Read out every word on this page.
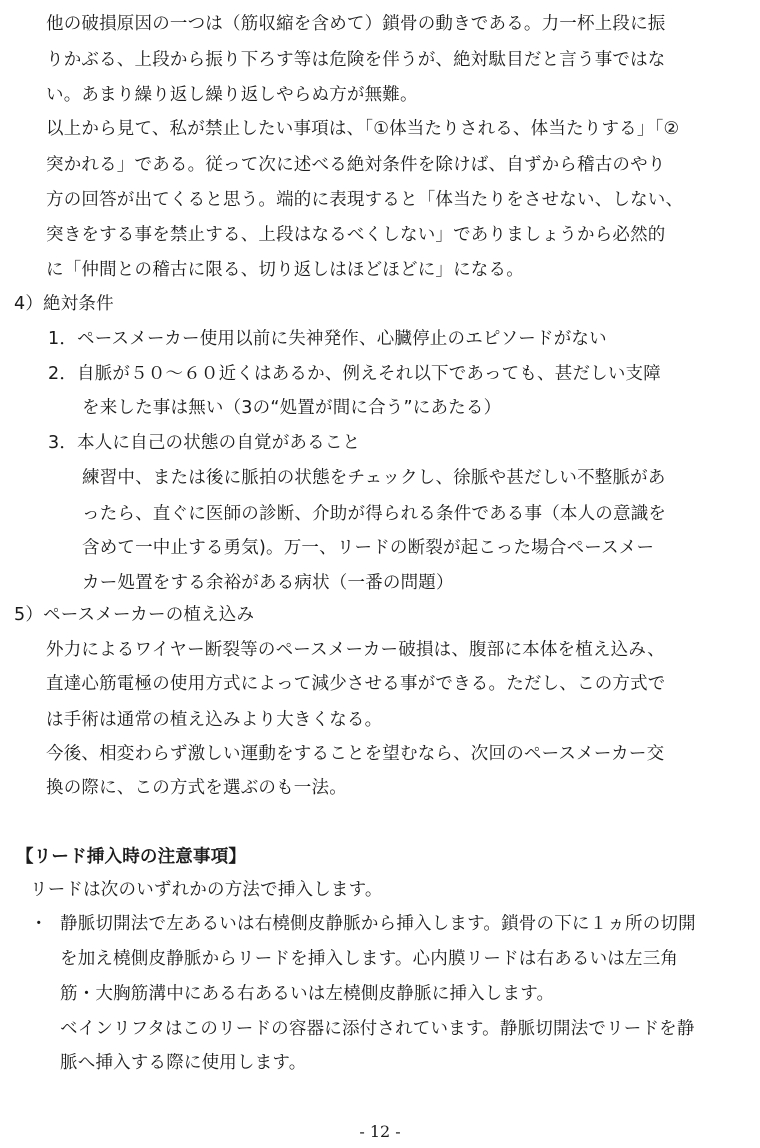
他の破損原因の一つは（筋収縮を含めて）鎖骨の動きである。力一杯上段に振
りかぶる、上段から振り下ろす等は危険を伴うが、絶対駄目だと言う事ではな
い。あまり繰り返し繰り返しやらぬ方が無難。
以上から見て、私が禁止したい事項は、「①体当たりされる、体当たりする」「②
突かれる」である。従って次に述べる絶対条件を除けば、自ずから稽古のやり
方の回答が出てくると思う。端的に表現すると「体当たりをさせない、しない、
突きをする事を禁止する、上段はなるべくしない」でありましょうから必然的
に「仲間との稽古に限る、切り返しはほどほどに」になる。
4）絶対条件
1．ペースメーカー使用以前に失神発作、心臓停止のエピソードがない
2．自脈が５０～６０近くはあるか、例えそれ以下であっても、甚だしい支障
を来した事は無い（3の“処置が間に合う”にあたる）
3．本人に自己の状態の自覚があること
練習中、または後に脈拍の状態をチェックし、徐脈や甚だしい不整脈があ
ったら、直ぐに医師の診断、介助が得られる条件である事（本人の意識を
含めて一中止する勇気)。万一、リードの断裂が起こった場合ペースメー
カー処置をする余裕がある病状（一番の問題）
5）ペースメーカーの植え込み
外力によるワイヤー断裂等のペースメーカー破損は、腹部に本体を植え込み、
直達心筋電極の使用方式によって減少させる事ができる。ただし、この方式で
は手術は通常の植え込みより大きくなる。
今後、相変わらず激しい運動をすることを望むなら、次回のペースメーカー交
換の際に、この方式を選ぶのも一法。
【リード挿入時の注意事項】
リードは次のいずれかの方法で挿入します。
・ 静脈切開法で左あるいは右橈側皮静脈から挿入します。鎖骨の下に１ヵ所の切開
を加え橈側皮静脈からリードを挿入します。心内膜リードは右あるいは左三角
筋・大胸筋溝中にある右あるいは左橈側皮静脈に挿入します。
ベインリフタはこのリードの容器に添付されています。静脈切開法でリードを静
脈へ挿入する際に使用します。
- 12 -
